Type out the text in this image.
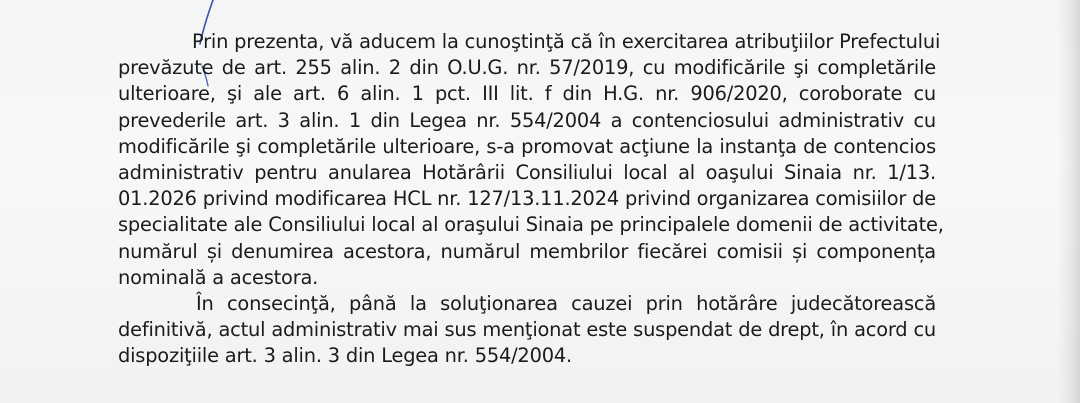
Prin prezenta, vă aducem la cunoştinţă că în exercitarea atribuţiilor Prefectului
prevăzute de art. 255 alin. 2 din O.U.G. nr. 57/2019, cu modificările şi completările
ulterioare, şi ale art. 6 alin. 1 pct. III lit. f din H.G. nr. 906/2020, coroborate cu
prevederile art. 3 alin. 1 din Legea nr. 554/2004 a contenciosului administrativ cu
modificările şi completările ulterioare, s-a promovat acţiune la instanţa de contencios
administrativ pentru anularea Hotărârii Consiliului local al oaşului Sinaia nr. 1/13.
01.2026 privind modificarea HCL nr. 127/13.11.2024 privind organizarea comisiilor de
specialitate ale Consiliului local al oraşului Sinaia pe principalele domenii de activitate,
numărul și denumirea acestora, numărul membrilor fiecărei comisii și componența
nominală a acestora.
În consecinţă, până la soluţionarea cauzei prin hotărâre judecătorească
definitivă, actul administrativ mai sus menţionat este suspendat de drept, în acord cu
dispoziţiile art. 3 alin. 3 din Legea nr. 554/2004.
